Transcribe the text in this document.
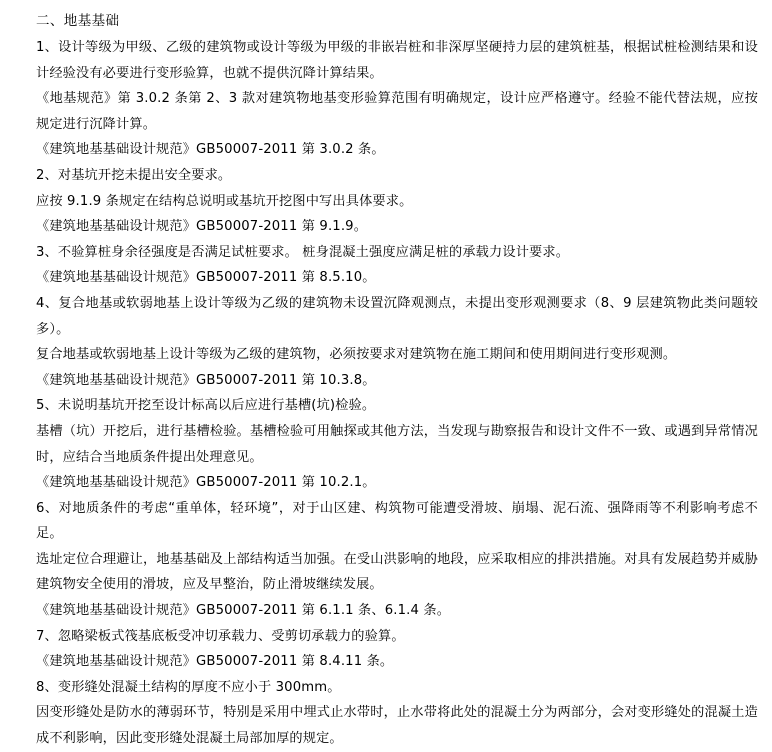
二、地基基础
1、设计等级为甲级、乙级的建筑物或设计等级为甲级的非嵌岩桩和非深厚坚硬持力层的建筑桩基，根据试桩检测结果和设计经验没有必要进行变形验算，也就不提供沉降计算结果。
《地基规范》第 3.0.2 条第 2、3 款对建筑物地基变形验算范围有明确规定，设计应严格遵守。经验不能代替法规，应按规定进行沉降计算。
《建筑地基基础设计规范》GB50007-2011 第 3.0.2 条。
2、对基坑开挖未提出安全要求。
应按 9.1.9 条规定在结构总说明或基坑开挖图中写出具体要求。
《建筑地基基础设计规范》GB50007-2011 第 9.1.9。
3、不验算桩身余径强度是否满足试桩要求。 桩身混凝土强度应满足桩的承载力设计要求。
《建筑地基基础设计规范》GB50007-2011 第 8.5.10。
4、复合地基或软弱地基上设计等级为乙级的建筑物未设置沉降观测点，未提出变形观测要求（8、9 层建筑物此类问题较多）。
复合地基或软弱地基上设计等级为乙级的建筑物，必须按要求对建筑物在施工期间和使用期间进行变形观测。
《建筑地基基础设计规范》GB50007-2011 第 10.3.8。
5、未说明基坑开挖至设计标高以后应进行基槽(坑)检验。
基槽（坑）开挖后，进行基槽检验。基槽检验可用触探或其他方法，当发现与勘察报告和设计文件不一致、或遇到异常情况时，应结合当地质条件提出处理意见。
《建筑地基基础设计规范》GB50007-2011 第 10.2.1。
6、对地质条件的考虑“重单体，轻环境”，对于山区建、构筑物可能遭受滑坡、崩塌、泥石流、强降雨等不利影响考虑不足。
选址定位合理避让，地基基础及上部结构适当加强。在受山洪影响的地段，应采取相应的排洪措施。对具有发展趋势并威胁建筑物安全使用的滑坡，应及早整治，防止滑坡继续发展。
《建筑地基基础设计规范》GB50007-2011 第 6.1.1 条、6.1.4 条。
7、忽略梁板式筏基底板受冲切承载力、受剪切承载力的验算。
《建筑地基基础设计规范》GB50007-2011 第 8.4.11 条。
8、变形缝处混凝土结构的厚度不应小于 300mm。
因变形缝处是防水的薄弱环节，特别是采用中埋式止水带时，止水带将此处的混凝土分为两部分，会对变形缝处的混凝土造成不利影响，因此变形缝处混凝土局部加厚的规定。
